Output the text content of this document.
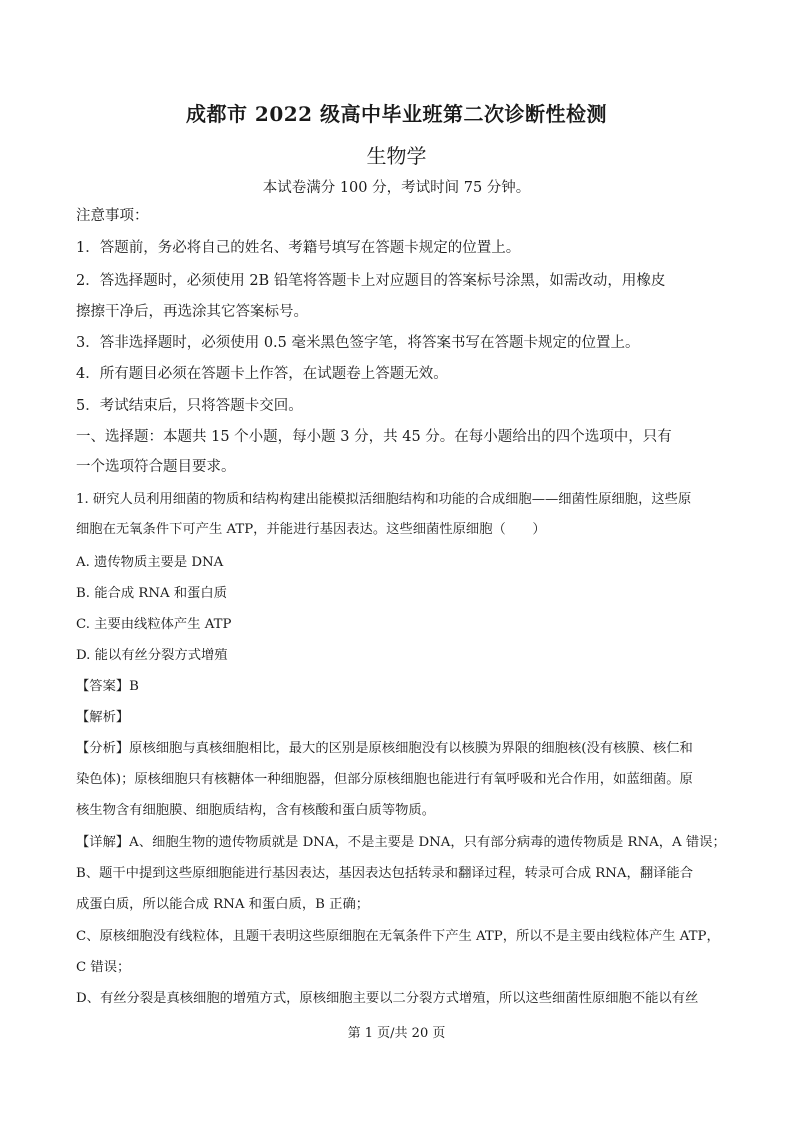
成都市 2022 级高中毕业班第二次诊断性检测
生物学
本试卷满分 100 分，考试时间 75 分钟。
注意事项：
1．答题前，务必将自己的姓名、考籍号填写在答题卡规定的位置上。
2．答选择题时，必须使用 2B 铅笔将答题卡上对应题目的答案标号涂黑，如需改动，用橡皮
擦擦干净后，再选涂其它答案标号。
3．答非选择题时，必须使用 0.5 毫米黑色签字笔，将答案书写在答题卡规定的位置上。
4．所有题目必须在答题卡上作答，在试题卷上答题无效。
5．考试结束后，只将答题卡交回。
一、选择题：本题共 15 个小题，每小题 3 分，共 45 分。在每小题给出的四个选项中，只有
一个选项符合题目要求。
1. 研究人员利用细菌的物质和结构构建出能模拟活细胞结构和功能的合成细胞——细菌性原细胞，这些原
细胞在无氧条件下可产生 ATP，并能进行基因表达。这些细菌性原细胞（　　）
A. 遗传物质主要是 DNA
B. 能合成 RNA 和蛋白质
C. 主要由线粒体产生 ATP
D. 能以有丝分裂方式增殖
【答案】B
【解析】
【分析】原核细胞与真核细胞相比，最大的区别是原核细胞没有以核膜为界限的细胞核(没有核膜、核仁和
染色体)；原核细胞只有核糖体一种细胞器，但部分原核细胞也能进行有氧呼吸和光合作用，如蓝细菌。原
核生物含有细胞膜、细胞质结构，含有核酸和蛋白质等物质。
【详解】A、细胞生物的遗传物质就是 DNA，不是主要是 DNA，只有部分病毒的遗传物质是 RNA，A 错误；
B、题干中提到这些原细胞能进行基因表达，基因表达包括转录和翻译过程，转录可合成 RNA，翻译能合
成蛋白质，所以能合成 RNA 和蛋白质，B 正确；
C、原核细胞没有线粒体，且题干表明这些原细胞在无氧条件下产生 ATP，所以不是主要由线粒体产生 ATP，
C 错误；
D、有丝分裂是真核细胞的增殖方式，原核细胞主要以二分裂方式增殖，所以这些细菌性原细胞不能以有丝
第 1 页/共 20 页
